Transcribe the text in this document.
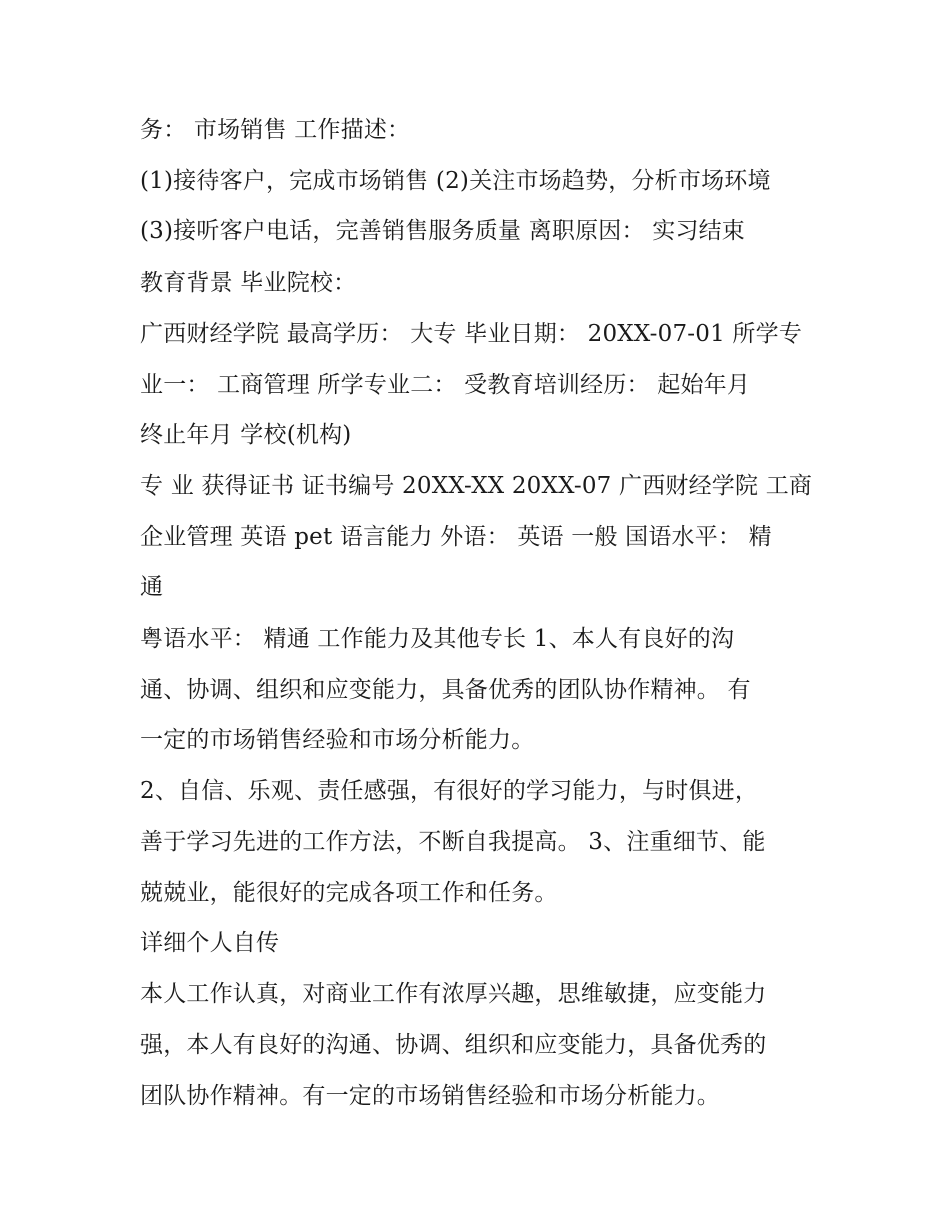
务： 市场销售 工作描述：
(1)接待客户，完成市场销售 (2)关注市场趋势，分析市场环境
(3)接听客户电话，完善销售服务质量 离职原因： 实习结束
教育背景 毕业院校：
广西财经学院 最高学历： 大专 毕业日期： 20XX-07-01 所学专
业一： 工商管理 所学专业二： 受教育培训经历： 起始年月
终止年月 学校(机构)
专 业 获得证书 证书编号 20XX-XX 20XX-07 广西财经学院 工商
企业管理 英语 pet 语言能力 外语： 英语 一般 国语水平： 精
通
粤语水平： 精通 工作能力及其他专长 1、本人有良好的沟
通、协调、组织和应变能力，具备优秀的团队协作精神。 有
一定的市场销售经验和市场分析能力。
2、自信、乐观、责任感强，有很好的学习能力，与时俱进，
善于学习先进的工作方法，不断自我提高。 3、注重细节、能
兢兢业，能很好的完成各项工作和任务。
详细个人自传
本人工作认真，对商业工作有浓厚兴趣，思维敏捷，应变能力
强，本人有良好的沟通、协调、组织和应变能力，具备优秀的
团队协作精神。有一定的市场销售经验和市场分析能力。
